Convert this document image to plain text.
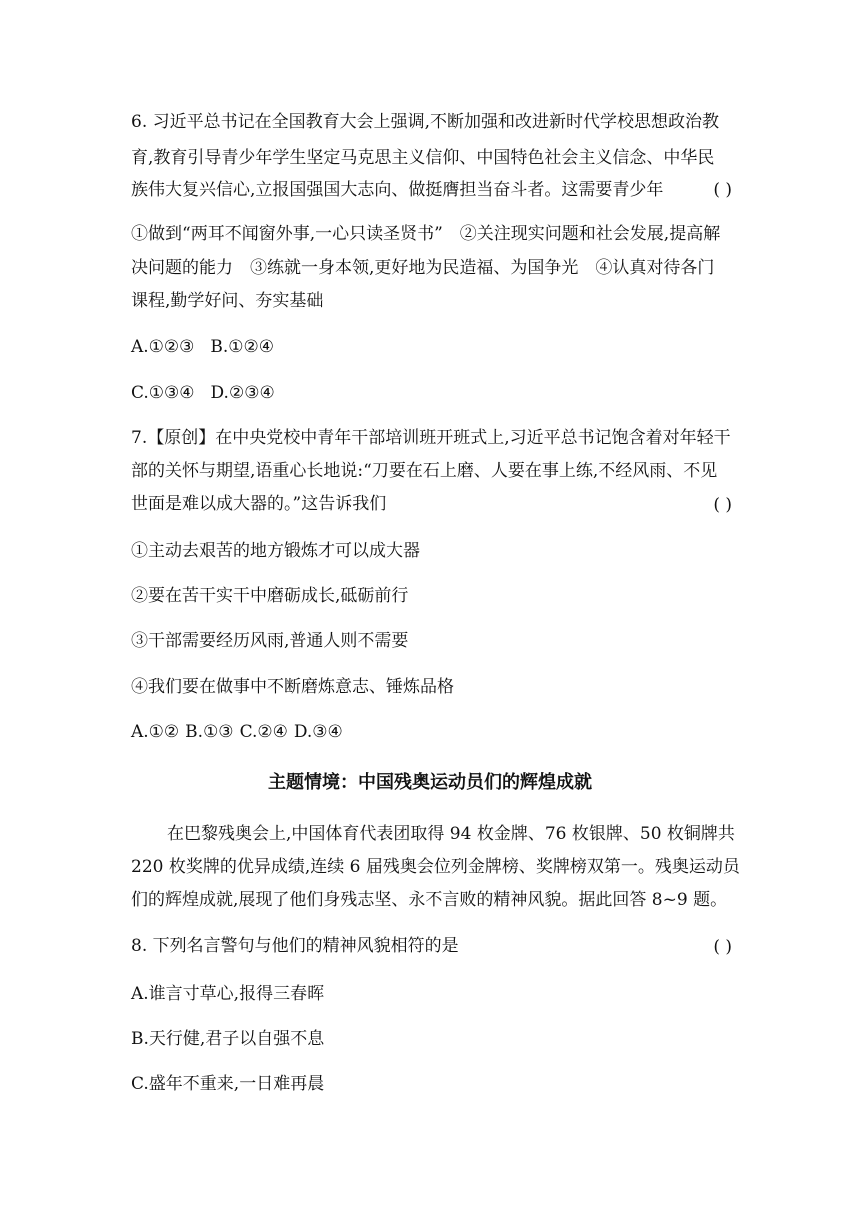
6. 习近平总书记在全国教育大会上强调,不断加强和改进新时代学校思想政治教
育,教育引导青少年学生坚定马克思主义信仰、中国特色社会主义信念、中华民
族伟大复兴信心,立报国强国大志向、做挺膺担当奋斗者。这需要青少年	( )
①做到“两耳不闻窗外事,一心只读圣贤书”　②关注现实问题和社会发展,提高解
决问题的能力　③练就一身本领,更好地为民造福、为国争光　④认真对待各门
课程,勤学好问、夯实基础
A.①②③ B.①②④
C.①③④ D.②③④
7.【原创】在中央党校中青年干部培训班开班式上,习近平总书记饱含着对年轻干
部的关怀与期望,语重心长地说:“刀要在石上磨、人要在事上练,不经风雨、不见
世面是难以成大器的。”这告诉我们	( )
①主动去艰苦的地方锻炼才可以成大器
②要在苦干实干中磨砺成长,砥砺前行
③干部需要经历风雨,普通人则不需要
④我们要在做事中不断磨炼意志、锤炼品格
A.①② B.①③ C.②④ D.③④
主题情境：中国残奥运动员们的辉煌成就
在巴黎残奥会上,中国体育代表团取得 94 枚金牌、76 枚银牌、50 枚铜牌共
220 枚奖牌的优异成绩,连续 6 届残奥会位列金牌榜、奖牌榜双第一。残奥运动员
们的辉煌成就,展现了他们身残志坚、永不言败的精神风貌。据此回答 8~9 题。
8. 下列名言警句与他们的精神风貌相符的是	( )
A.谁言寸草心,报得三春晖
B.天行健,君子以自强不息
C.盛年不重来,一日难再晨
